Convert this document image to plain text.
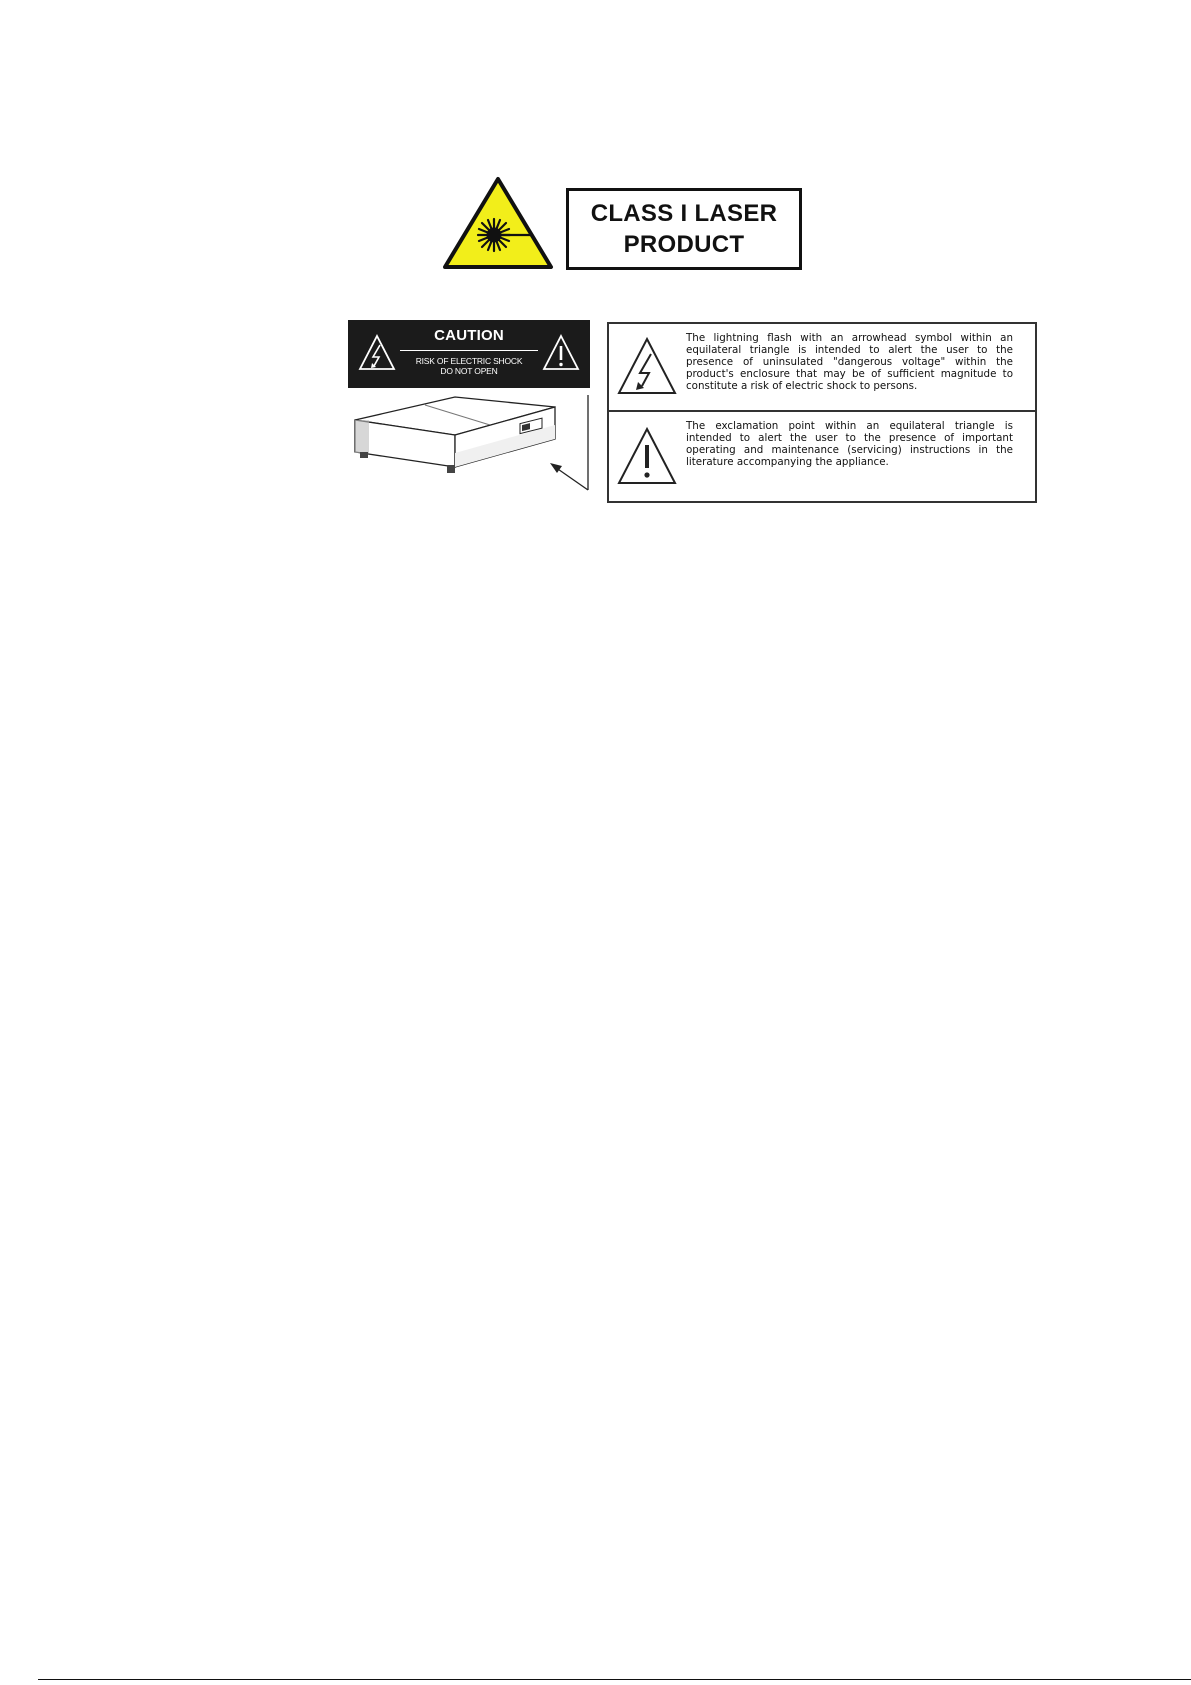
CLASS I LASER
PRODUCT
CAUTION
RISK OF ELECTRIC SHOCK
DO NOT OPEN
The lightning flash with an arrowhead symbol within an equilateral triangle is intended to alert the user to the presence of uninsulated "dangerous voltage" within the product's enclosure that may be of sufficient magnitude to constitute a risk of electric shock to persons.
The exclamation point within an equilateral triangle is intended to alert the user to the presence of important operating and maintenance (servicing) instructions in the literature accompanying the appliance.
